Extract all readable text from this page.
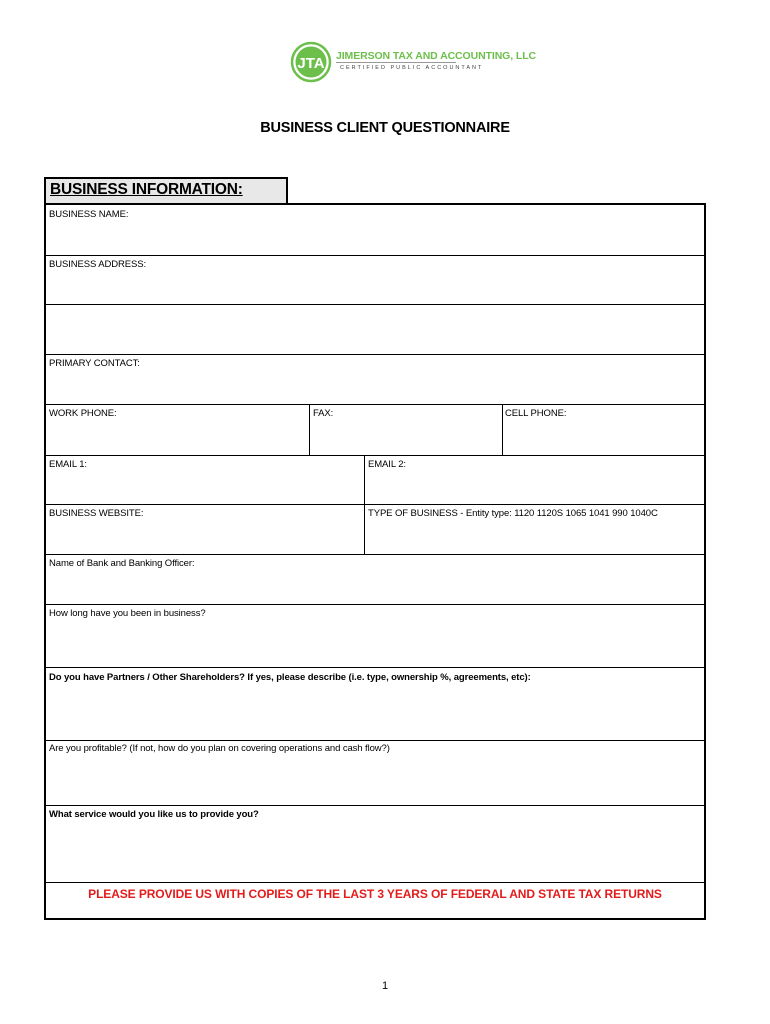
JTA JIMERSON TAX AND ACCOUNTING, LLC
CERTIFIED PUBLIC ACCOUNTANT
BUSINESS CLIENT QUESTIONNAIRE
BUSINESS INFORMATION:
BUSINESS NAME:
BUSINESS ADDRESS:
PRIMARY CONTACT:
WORK PHONE:	FAX:	CELL PHONE:
EMAIL 1:	EMAIL 2:
BUSINESS WEBSITE:	TYPE OF BUSINESS - Entity type: 1120 1120S 1065 1041 990 1040C
Name of Bank and Banking Officer:
How long have you been in business?
Do you have Partners / Other Shareholders? If yes, please describe (i.e. type, ownership %, agreements, etc):
Are you profitable? (If not, how do you plan on covering operations and cash flow?)
What service would you like us to provide you?
PLEASE PROVIDE US WITH COPIES OF THE LAST 3 YEARS OF FEDERAL AND STATE TAX RETURNS
1
